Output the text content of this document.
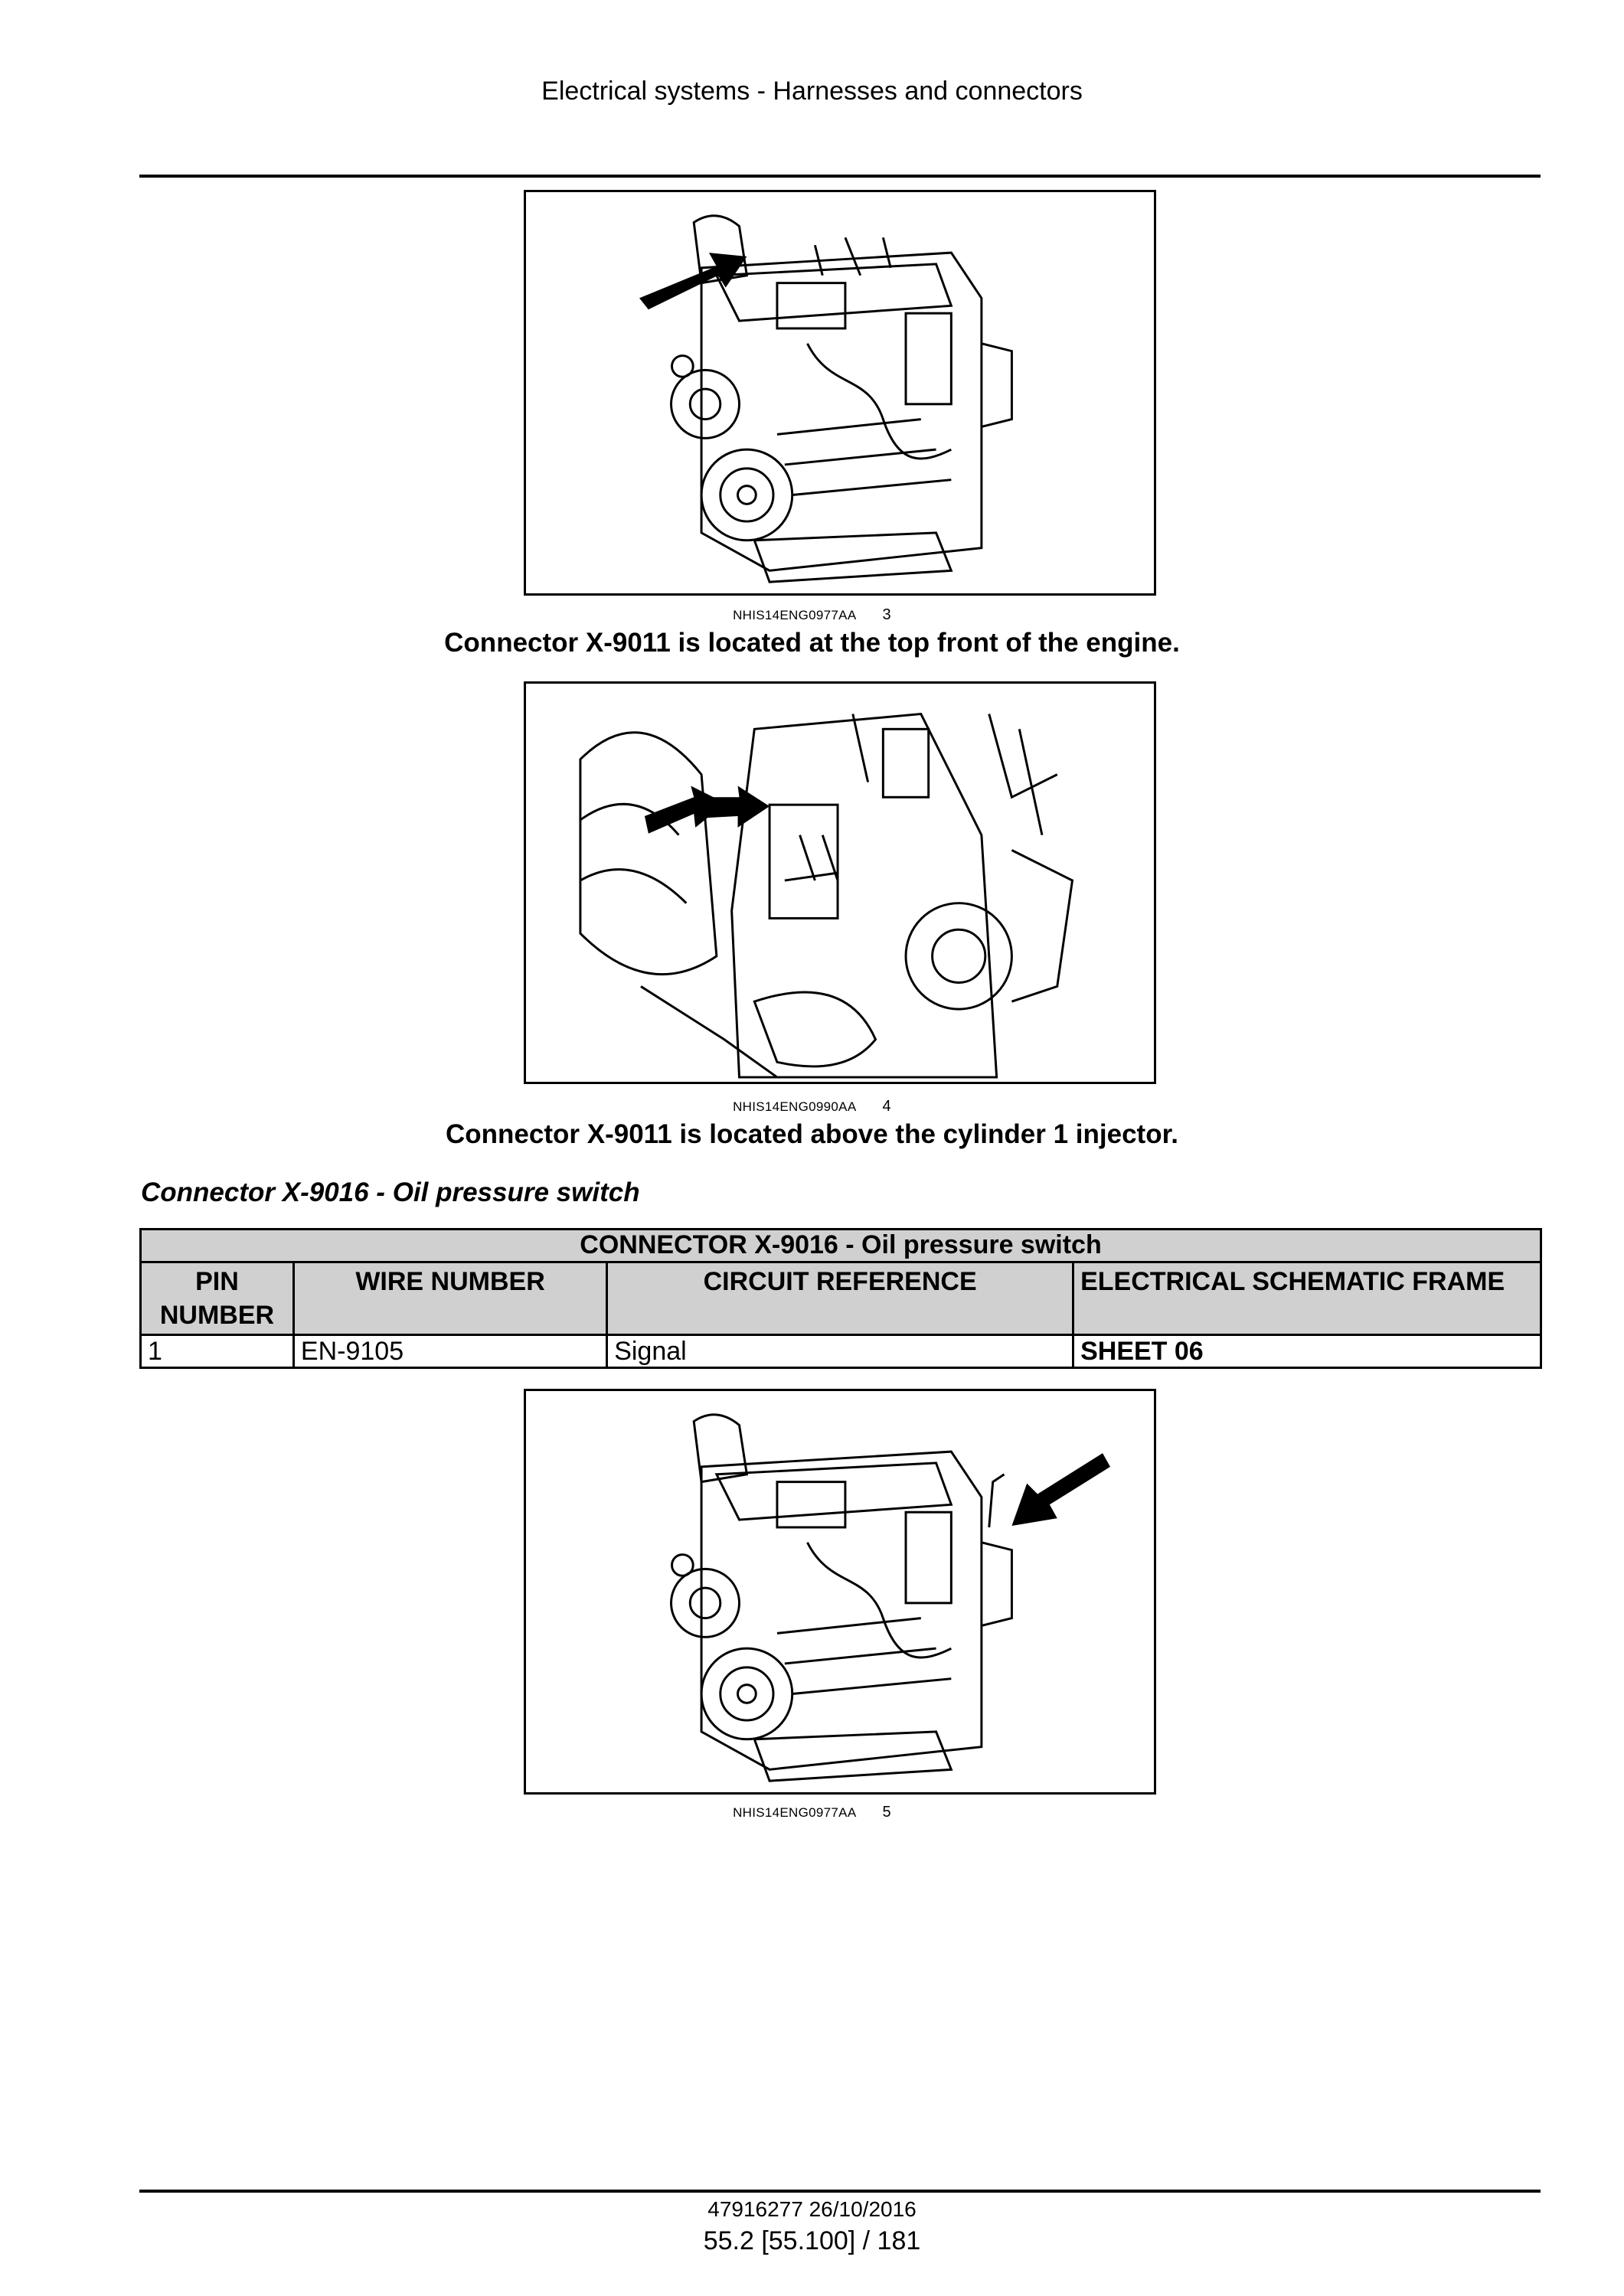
Electrical systems - Harnesses and connectors
NHIS14ENG0977AA 3
Connector X-9011 is located at the top front of the engine.
NHIS14ENG0990AA 4
Connector X-9011 is located above the cylinder 1 injector.
Connector X-9016 - Oil pressure switch
CONNECTOR X-9016 - Oil pressure switch			
PIN NUMBER	WIRE NUMBER	CIRCUIT REFERENCE	ELECTRICAL SCHEMATIC FRAME
1	EN-9105	Signal	SHEET 06
NHIS14ENG0977AA 5
47916277 26/10/2016
55.2 [55.100] / 181
